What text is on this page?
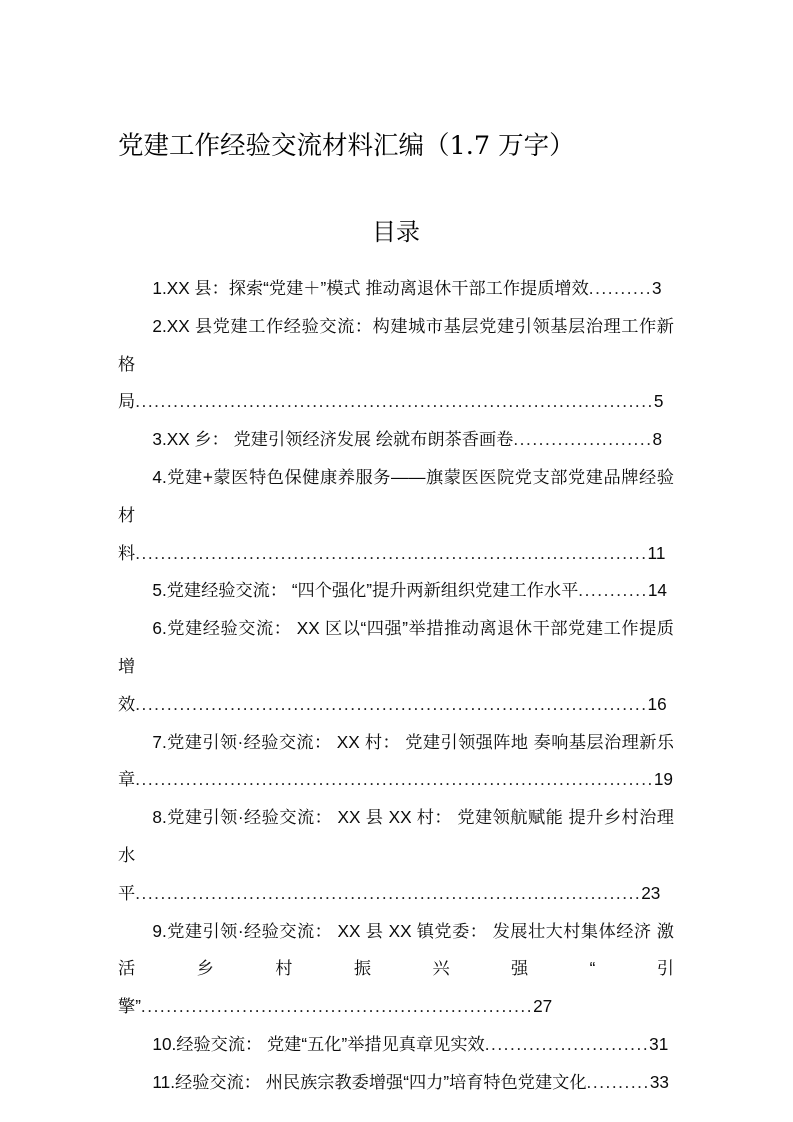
党建工作经验交流材料汇编（1.7 万字）
目录
1.XX 县：探索“党建＋”模式 推动离退休干部工作提质增效..........3
2.XX 县党建工作经验交流：构建城市基层党建引领基层治理工作新格局..................................................................................5
3.XX 乡： 党建引领经济发展 绘就布朗茶香画卷......................8
4.党建+蒙医特色保健康养服务——旗蒙医医院党支部党建品牌经验材料.................................................................................11
5.党建经验交流： “四个强化”提升两新组织党建工作水平...........14
6.党建经验交流： XX 区以“四强”举措推动离退休干部党建工作提质增效.................................................................................16
7.党建引领·经验交流： XX 村： 党建引领强阵地 奏响基层治理新乐章..................................................................................19
8.党建引领·经验交流： XX 县 XX 村： 党建领航赋能 提升乡村治理水平................................................................................23
9.党建引领·经验交流： XX 县 XX 镇党委： 发展壮大村集体经济 激活乡村振兴强“引擎”..............................................................27
10.经验交流： 党建“五化”举措见真章见实效..........................31
11.经验交流： 州民族宗教委增强“四力”培育特色党建文化..........33
